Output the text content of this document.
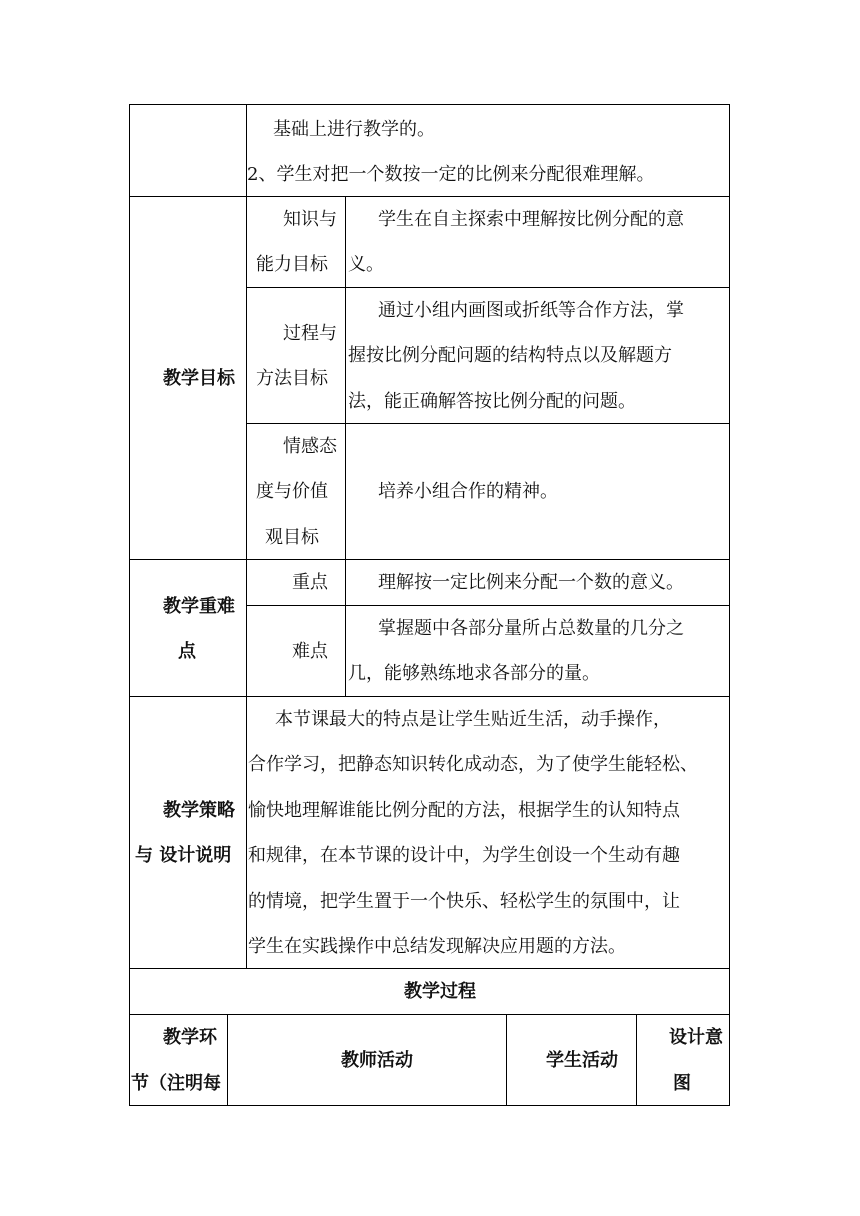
基础上进行教学的。
2、学生对把一个数按一定的比例来分配很难理解。
教学目标
知识与
能力目标
学生在自主探索中理解按比例分配的意
义。
过程与
方法目标
通过小组内画图或折纸等合作方法，掌
握按比例分配问题的结构特点以及解题方
法，能正确解答按比例分配的问题。
情感态
度与价值
观目标
培养小组合作的精神。
教学重难
点
重点	理解按一定比例来分配一个数的意义。
难点
掌握题中各部分量所占总数量的几分之
几，能够熟练地求各部分的量。
教学策略
与 设计说明
本节课最大的特点是让学生贴近生活，动手操作，
合作学习，把静态知识转化成动态，为了使学生能轻松、
愉快地理解谁能比例分配的方法，根据学生的认知特点
和规律，在本节课的设计中，为学生创设一个生动有趣
的情境，把学生置于一个快乐、轻松学生的氛围中，让
学生在实践操作中总结发现解决应用题的方法。
教学过程
教学环
节（注明每
教师活动	学生活动
设计意
图
